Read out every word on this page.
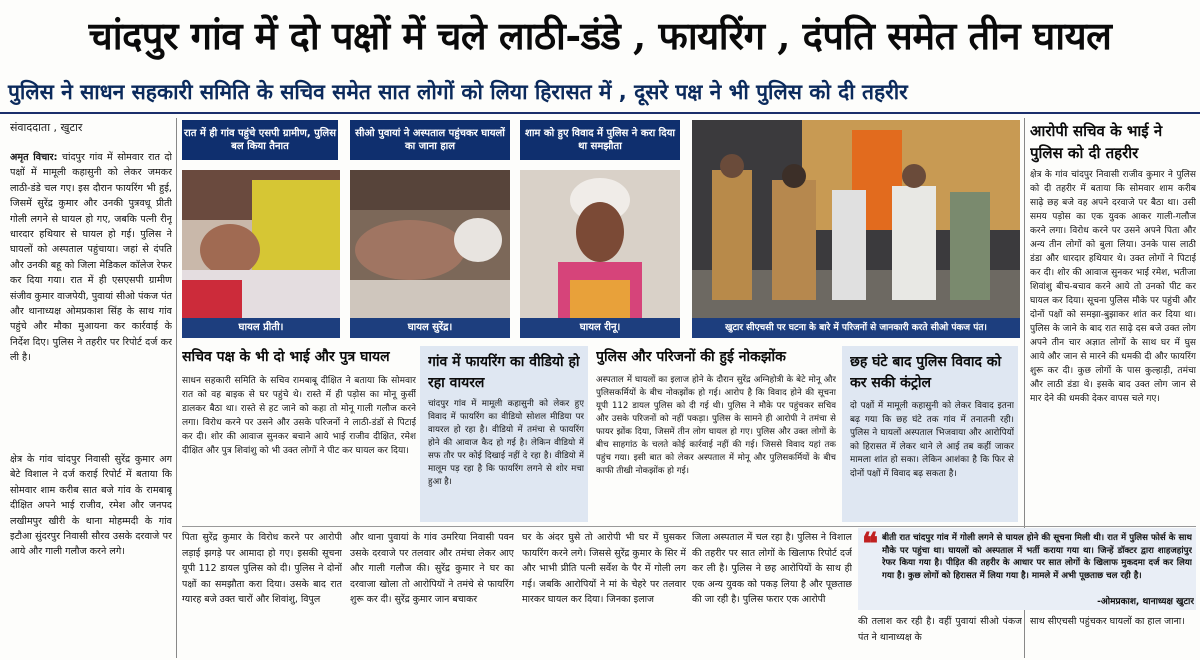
चांदपुर गांव में दो पक्षों में चले लाठी-डंडे , फायरिंग , दंपति समेत तीन घायल
पुलिस ने साधन सहकारी समिति के सचिव समेत सात लोगों को लिया हिरासत में , दूसरे पक्ष ने भी पुलिस को दी तहरीर
संवाददाता , खुटार
अमृत विचार: चांदपुर गांव में सोमवार रात दो पक्षों में मामूली कहासुनी को लेकर जमकर लाठी-डंडे चल गए। इस दौरान फायरिंग भी हुई, जिसमें सुरेंद्र कुमार और उनकी पुत्रवधू प्रीती गोली लगने से घायल हो गए, जबकि पत्नी रीनू धारदार हथियार से घायल हो गई। पुलिस ने घायलों को अस्पताल पहुंचाया। जहां से दंपति और उनकी बहू को जिला मेडिकल कॉलेज रेफर कर दिया गया। रात में ही एसएसपी ग्रामीण संजीव कुमार वाजपेयी, पुवायां सीओ पंकज पंत और थानाध्यक्ष ओमप्रकाश सिंह के साथ गांव पहुंचे और मौका मुआयना कर कार्रवाई के निर्देश दिए। पुलिस ने तहरीर पर रिपोर्ट दर्ज कर ली है।
क्षेत्र के गांव चांदपुर निवासी सुरेंद्र कुमार अग बेटे विशाल ने दर्ज कराई रिपोर्ट में बताया कि सोमवार शाम करीब सात बजे गांव के रामबाबू दीक्षित अपने भाई राजीव, रमेश और जनपद लखीमपुर खीरी के थाना मोहम्मदी के गांव इटौआ सुंदरपुर निवासी सौरव उसके दरवाजे पर आये और गाली गलौज करने लगे।
रात में ही गांव पहुंचे एसपी ग्रामीण, पुलिस बल किया तैनात
सीओ पुवायां ने अस्पताल पहुंचकर घायलों का जाना हाल
शाम को हुए विवाद में पुलिस ने करा दिया था समझौता
घायल प्रीती।	घायल सुरेंद्र।	घायल रीनू।	खुटार सीएचसी पर घटना के बारे में परिजनों से जानकारी करते सीओ पंकज पंत।
सचिव पक्ष के भी दो भाई और पुत्र घायल
साधन सहकारी समिति के सचिव रामबाबू दीक्षित ने बताया कि सोमवार रात को वह बाइक से घर पहुंचे थे। रास्ते में ही पड़ोस का मोनू कुर्सी डालकर बैठा था। रास्ते से हट जाने को कहा तो मोनू गाली गलौज करने लगा। विरोध करने पर उसने और उसके परिजनों ने लाठी-डंडों से पिटाई कर दी। शोर की आवाज सुनकर बचाने आये भाई राजीव दीक्षित, रमेश दीक्षित और पुत्र शिवांशु को भी उक्त लोगों ने पीट कर घायल कर दिया।
गांव में फायरिंग का वीडियो हो रहा वायरल
चांदपुर गांव में मामूली कहासुनी को लेकर हुए विवाद में फायरिंग का वीडियो सोशल मीडिया पर वायरल हो रहा है। वीडियो में तमंचा से फायरिंग होने की आवाज कैद हो गई है। लेकिन वीडियो में सफ तौर पर कोई दिखाई नहीं दे रहा है। वीडियो में मालूम पड़ रहा है कि फायरिंग लगने से शोर मचा हुआ है।
पुलिस और परिजनों की हुई नोकझोंक
अस्पताल में घायलों का इलाज होने के दौरान सुरेंद्र अग्निहोत्री के बेटे मोनू और पुलिसकर्मियों के बीच नोकझोंक हो गई। आरोप है कि विवाद होने की सूचना यूपी 112 डायल पुलिस को दी गई थी। पुलिस ने मौके पर पहुंचकर सचिव और उसके परिजनों को नहीं पकड़ा। पुलिस के सामने ही आरोपी ने तमंचा से फायर झोंक दिया, जिसमें तीन लोग घायल हो गए। पुलिस और उक्त लोगों के बीच साहगांठ के चलते कोई कार्रवाई नहीं की गई। जिससे विवाद यहां तक पहुंच गया। इसी बात को लेकर अस्पताल में मोनू और पुलिसकर्मियों के बीच काफी तीखी नोकझोंक हो गई।
छह घंटे बाद पुलिस विवाद को कर सकी कंट्रोल
दो पक्षों में मामूली कहासुनी को लेकर विवाद इतना बढ़ गया कि छह घंटे तक गांव में तनातनी रही। पुलिस ने घायलों अस्पताल भिजवाया और आरोपियों को हिरासत में लेकर थाने ले आई तब कहीं जाकर मामला शांत हो सका। लेकिन आशंका है कि फिर से दोनों पक्षों में विवाद बढ़ सकता है।
आरोपी सचिव के भाई ने पुलिस को दी तहरीर
क्षेत्र के गांव चांदपुर निवासी राजीव कुमार ने पुलिस को दी तहरीर में बताया कि सोमवार शाम करीब साढ़े छह बजे वह अपने दरवाजे पर बैठा था। उसी समय पड़ोस का एक युवक आकर गाली-गलौज करने लगा। विरोध करने पर उसने अपने पिता और अन्य तीन लोगों को बुला लिया। उनके पास लाठी डंडा और धारदार हथियार थे। उक्त लोगों ने पिटाई कर दी। शोर की आवाज सुनकर भाई रमेश, भतीजा शिवांशु बीच-बचाव करने आये तो उनको पीट कर घायल कर दिया। सूचना पुलिस मौके पर पहुंची और दोनों पक्षों को समझा-बुझाकर शांत कर दिया था। पुलिस के जाने के बाद रात साढ़े दस बजे उक्त लोग अपने तीन चार अज्ञात लोगों के साथ घर में घुस आये और जान से मारने की धमकी दी और फायरिंग शुरू कर दी। कुछ लोगों के पास कुल्हाड़ी, तमंचा और लाठी डंडा थे। इसके बाद उक्त लोग जान से मार देने की धमकी देकर वापस चले गए।
पिता सुरेंद्र कुमार के विरोध करने पर आरोपी लड़ाई झगड़े पर आमादा हो गए। इसकी सूचना यूपी 112 डायल पुलिस को दी। पुलिस ने दोनों पक्षों का समझौता करा दिया। उसके बाद रात ग्यारह बजे उक्त चारों और शिवांशु, विपुल
और थाना पुवायां के गांव उमरिया निवासी पवन उसके दरवाजे पर तलवार और तमंचा लेकर आए और गाली गलौज की। सुरेंद्र कुमार ने घर का दरवाजा खोला तो आरोपियों ने तमंचे से फायरिंग शुरू कर दी। सुरेंद्र कुमार जान बचाकर
घर के अंदर घुसे तो आरोपी भी घर में घुसकर फायरिंग करने लगे। जिससे सुरेंद्र कुमार के सिर में और भाभी प्रीति पत्नी सर्वेश के पैर में गोली लग गई। जबकि आरोपियों ने मां के चेहरे पर तलवार मारकर घायल कर दिया। जिनका इलाज
जिला अस्पताल में चल रहा है। पुलिस ने विशाल की तहरीर पर सात लोगों के खिलाफ रिपोर्ट दर्ज कर ली है। पुलिस ने छह आरोपियों के साथ ही एक अन्य युवक को पकड़ लिया है और पूछताछ की जा रही है। पुलिस फरार एक आरोपी
❝ बीती रात चांदपुर गांव में गोली लगने से घायल होने की सूचना मिली थी। रात में पुलिस फोर्स के साथ मौके पर पहुंचा था। घायलों को अस्पताल में भर्ती कराया गया था। जिन्हें डॉक्टर द्वारा शाहजहांपुर रेफर किया गया है। पीड़ित की तहरीर के आधार पर सात लोगों के खिलाफ मुकदमा दर्ज कर लिया गया है। कुछ लोगों को हिरासत में लिया गया है। मामले में अभी पूछताछ चल रही है।
-ओमप्रकाश, थानाध्यक्ष खुटार
की तलाश कर रही है। वहीं पुवायां सीओ पंकज पंत ने थानाध्यक्ष के
साथ सीएचसी पहुंचकर घायलों का हाल जाना।
